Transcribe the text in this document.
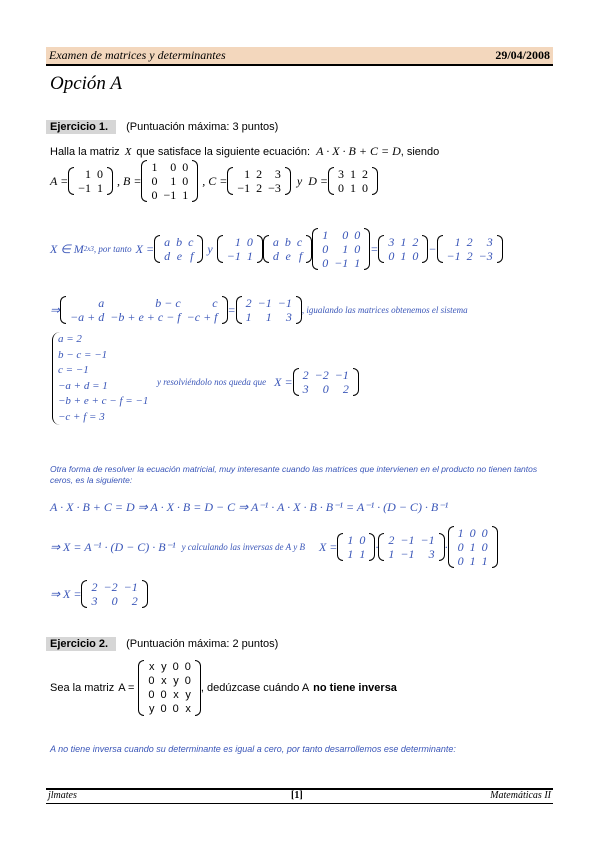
Examen de matrices y determinantes	29/04/2008
Opción A
Ejercicio 1.	(Puntuación máxima: 3 puntos)
Halla la matriz X que satisface la siguiente ecuación: A · X · B + C = D , siendo
A = 1	0
−1	1
, B =
1	0	0
0	1	0
0	−1	1
, C = 1	2	3
−1	2	−3
y D = 3	1	2
0	1	0
X ∈ M 2x3 , por tanto X = a	b	c
d	e	f
y 1	0
−1	1
a	b	c
d	e	f
1	0	0
0	1	0
0	−1	1
= 3	1	2
0	1	0
− 1	2	3
−1	2	−3
⇒	a	b − c	c
−a + d	−b + e + c − f	−c + f
= 2	−1	−1
1	1	3 , igualando las matrices obtenemos el sistema
a = 2
b − c = −1
c = −1
−a + d = 1
−b + e + c − f = −1
−c + f = 3
y resolviéndolo nos queda que X = 2	−2	−1
3	0	2
Otra forma de resolver la ecuación matricial, muy interesante cuando las matrices que intervienen en el producto no tienen tantos ceros, es la siguiente:
A · X · B + C = D ⇒ A · X · B = D − C ⇒ A⁻¹ · A · X · B · B⁻¹ = A⁻¹ · (D − C) · B⁻¹
⇒ X = A⁻¹ · (D − C) · B⁻¹ y calculando las inversas de A y B X = 1	0
1	1
· 2	−1	−1
1	−1	3
·
1	0	0
0	1	0
0	1	1
⇒ X = 2	−2	−1
3	0	2
Ejercicio 2.	(Puntuación máxima: 2 puntos)
Sea la matriz A =
x	y	0	0
0	x	y	0
0	0	x	y
y	0	0	x
, dedúzcase cuándo A no tiene inversa
A no tiene inversa cuando su determinante es igual a cero, por tanto desarrollemos ese determinante:
jlmates	[1]	Matemáticas II
